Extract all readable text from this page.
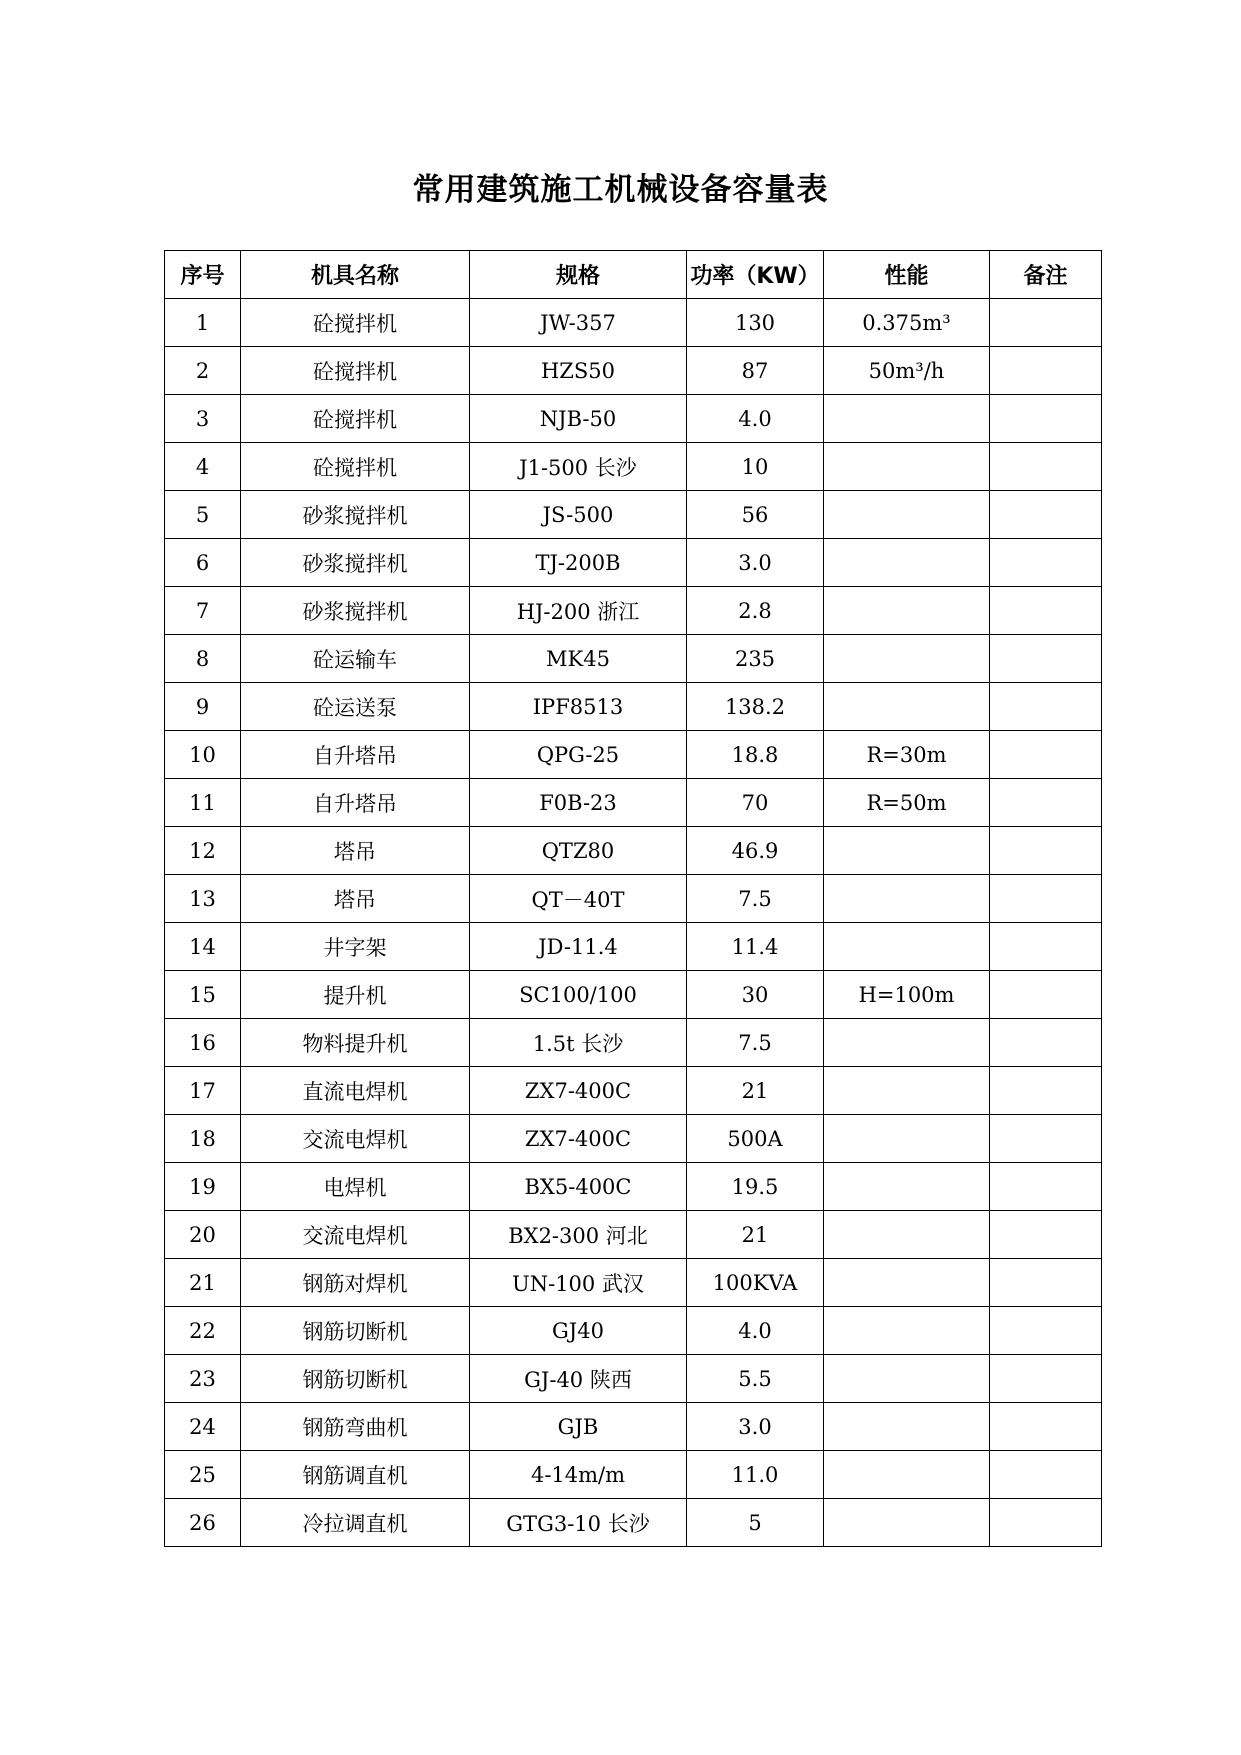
常用建筑施工机械设备容量表
序号	机具名称	规格	功率（KW）	性能	备注
1	砼搅拌机	JW-357	130	0.375m³	
2	砼搅拌机	HZS50	87	50m³/h	
3	砼搅拌机	NJB-50	4.0		
4	砼搅拌机	J1-500 长沙	10		
5	砂浆搅拌机	JS-500	56		
6	砂浆搅拌机	TJ-200B	3.0		
7	砂浆搅拌机	HJ-200 浙江	2.8		
8	砼运输车	MK45	235		
9	砼运送泵	IPF8513	138.2		
10	自升塔吊	QPG-25	18.8	R=30m	
11	自升塔吊	F0B-23	70	R=50m	
12	塔吊	QTZ80	46.9		
13	塔吊	QT－40T	7.5		
14	井字架	JD-11.4	11.4		
15	提升机	SC100/100	30	H=100m	
16	物料提升机	1.5t 长沙	7.5		
17	直流电焊机	ZX7-400C	21		
18	交流电焊机	ZX7-400C	500A		
19	电焊机	BX5-400C	19.5		
20	交流电焊机	BX2-300 河北	21		
21	钢筋对焊机	UN-100 武汉	100KVA		
22	钢筋切断机	GJ40	4.0		
23	钢筋切断机	GJ-40 陕西	5.5		
24	钢筋弯曲机	GJB	3.0		
25	钢筋调直机	4-14m/m	11.0		
26	冷拉调直机	GTG3-10 长沙	5		
